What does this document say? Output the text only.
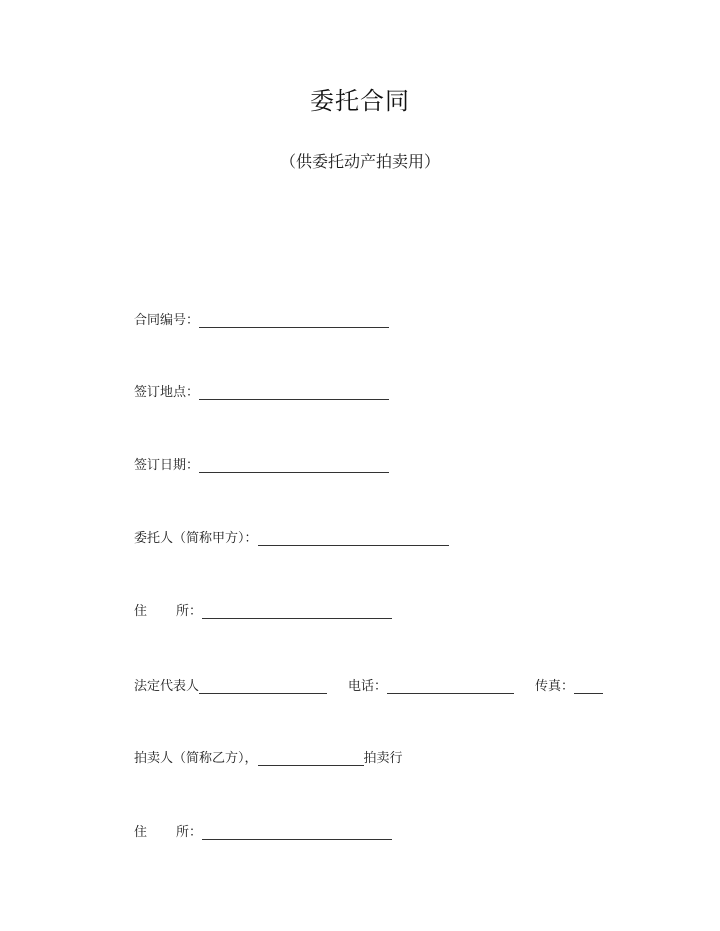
委托合同
（供委托动产拍卖用）
合同编号：
签订地点：
签订日期：
委托人（简称甲方）：
住	所：
法定代表人	电话：	传真：
拍卖人（简称乙方），	拍卖行
住	所：
